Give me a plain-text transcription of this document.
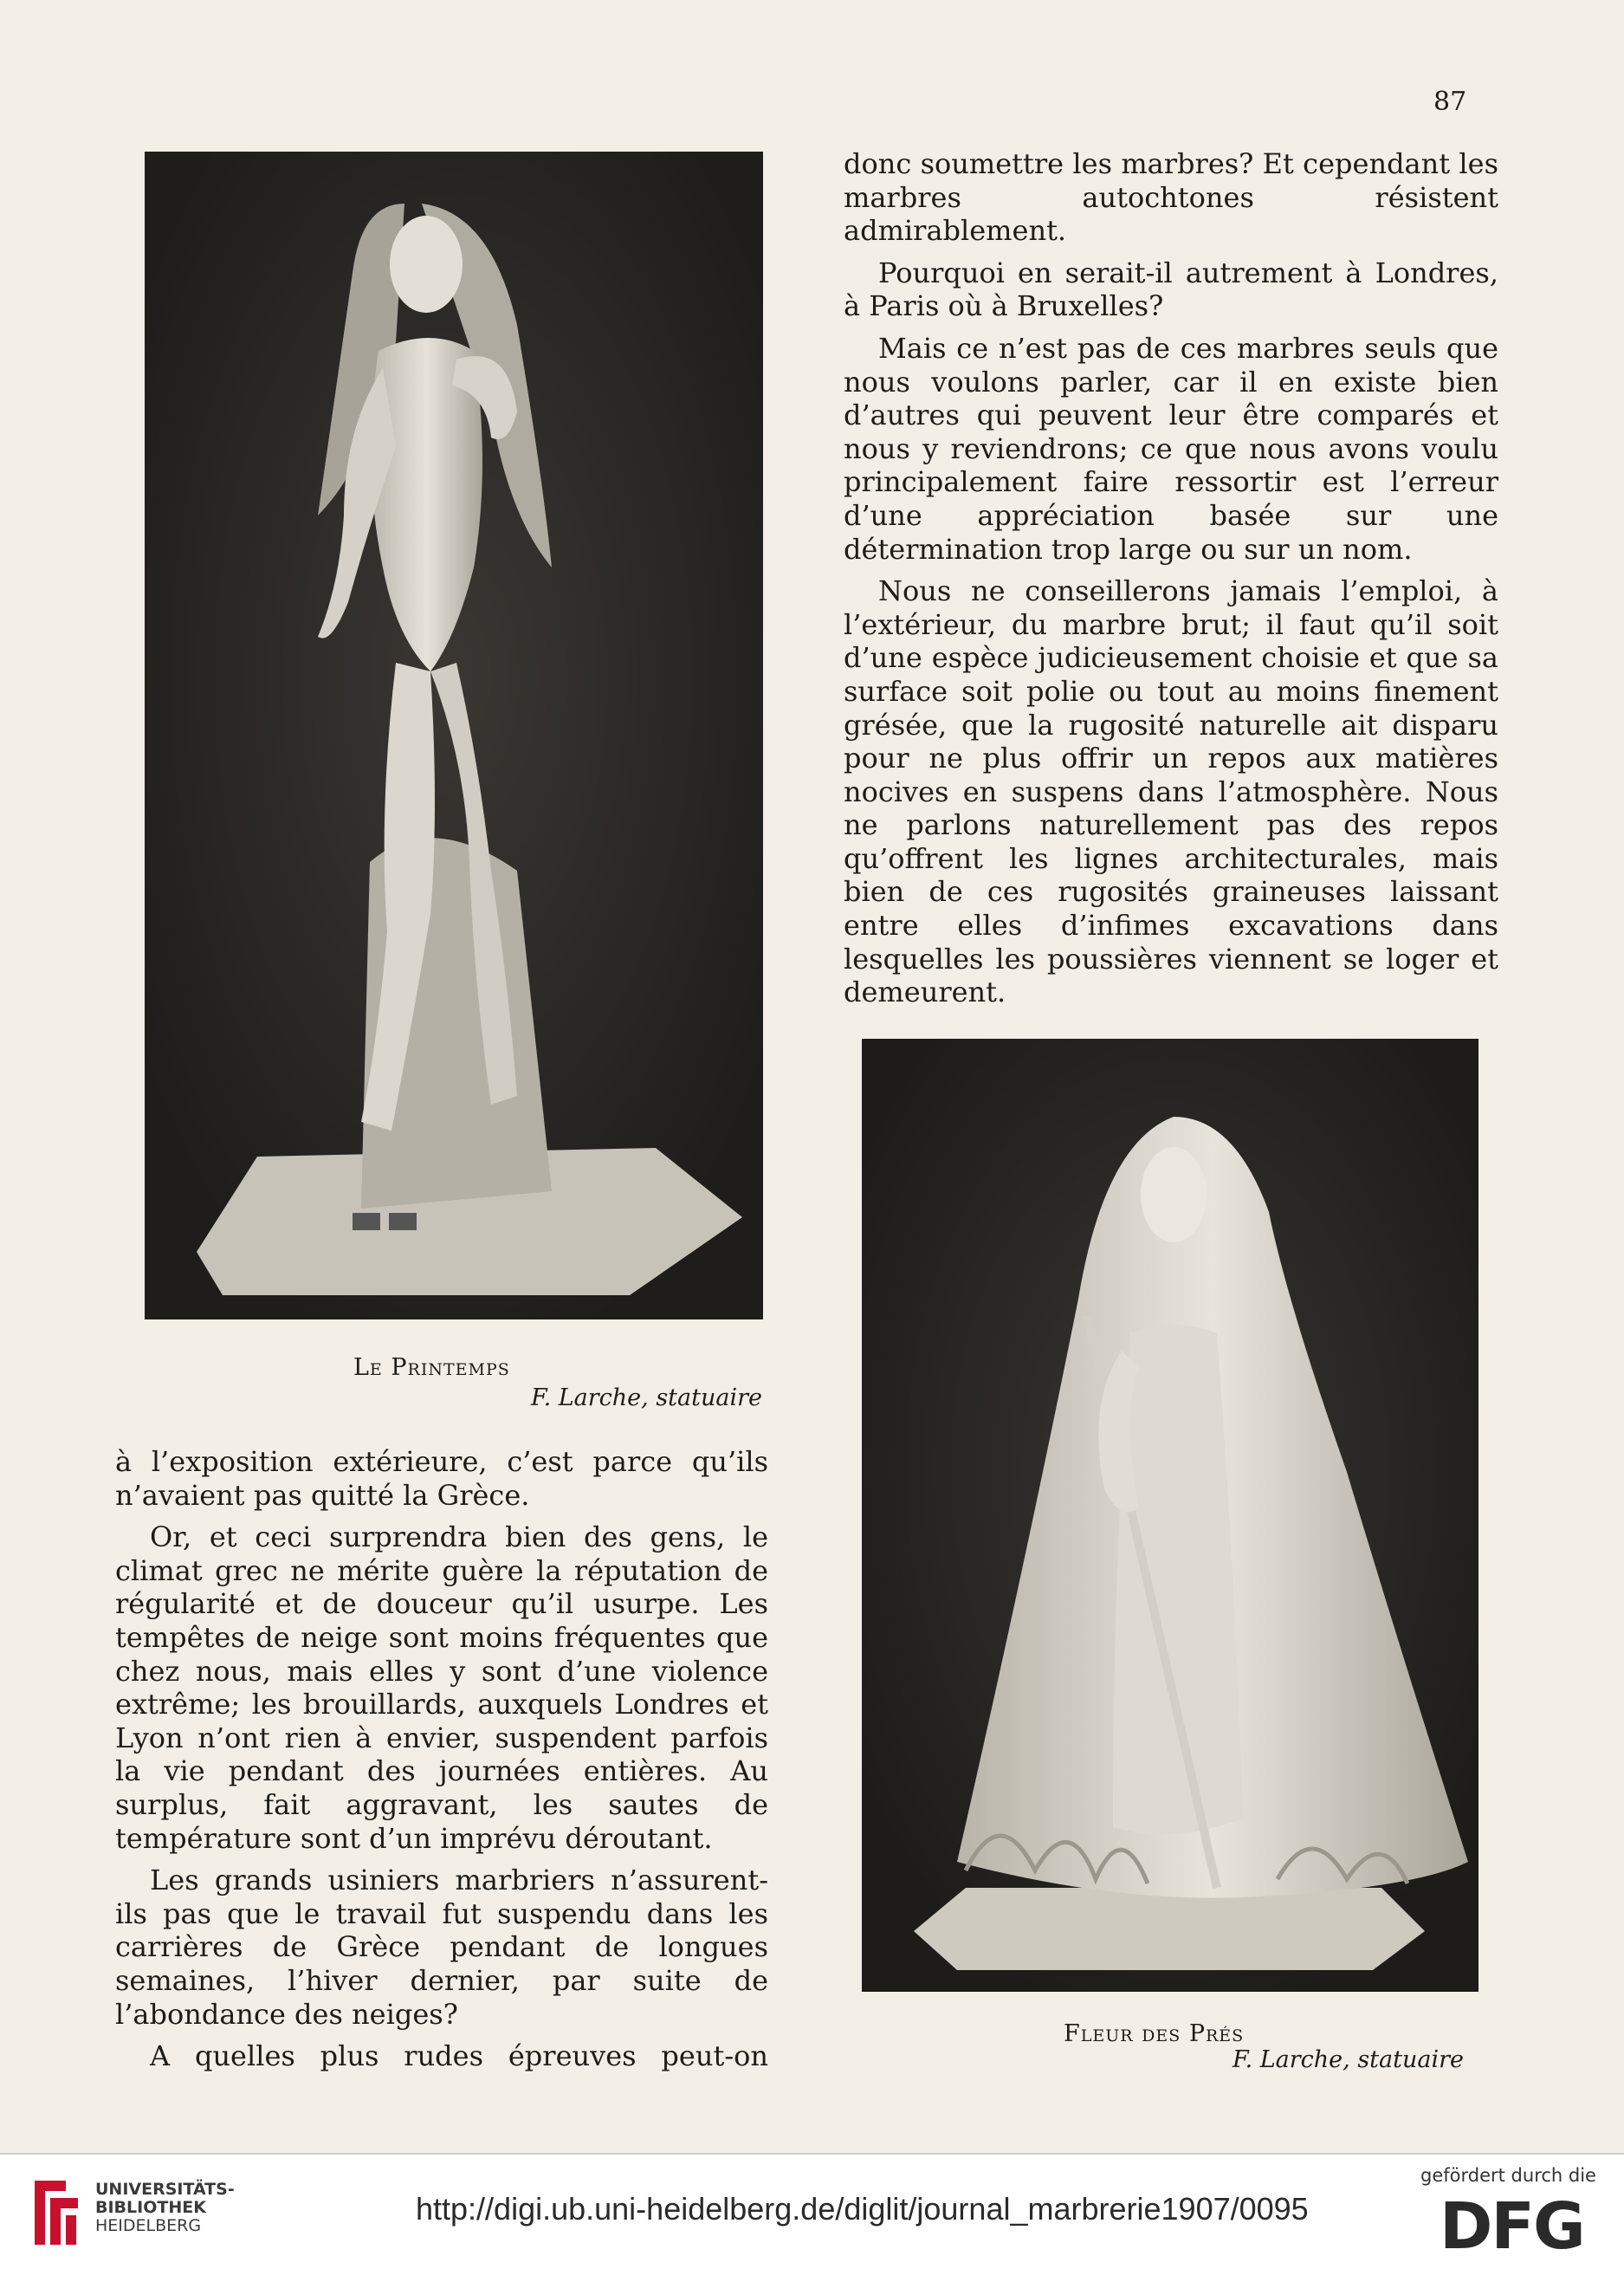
87
Le Printemps
F. Larche, statuaire

donc soumettre les marbres? Et cependant les marbres autochtones résistent admirablement.

Pourquoi en serait-il autrement à Londres, à Paris où à Bruxelles?

Mais ce n’est pas de ces marbres seuls que nous voulons parler, car il en existe bien d’autres qui peuvent leur être comparés et nous y reviendrons; ce que nous avons voulu principalement faire ressortir est l’erreur d’une appréciation basée sur une détermination trop large ou sur un nom.

Nous ne conseillerons jamais l’emploi, à l’extérieur, du marbre brut; il faut qu’il soit d’une espèce judicieusement choisie et que sa surface soit polie ou tout au moins finement grésée, que la rugosité naturelle ait disparu pour ne plus offrir un repos aux matières nocives en suspens dans l’atmosphère. Nous ne parlons naturellement pas des repos qu’offrent les lignes architecturales, mais bien de ces rugosités graineuses laissant entre elles d’infimes excavations dans lesquelles les poussières viennent se loger et demeurent.

Fleur des Prés
F. Larche, statuaire

à l’exposition extérieure, c’est parce qu’ils n’avaient pas quitté la Grèce.

Or, et ceci surprendra bien des gens, le climat grec ne mérite guère la réputation de régularité et de douceur qu’il usurpe. Les tempêtes de neige sont moins fréquentes que chez nous, mais elles y sont d’une violence extrême; les brouillards, auxquels Londres et Lyon n’ont rien à envier, suspendent parfois la vie pendant des journées entières. Au surplus, fait aggravant, les sautes de température sont d’un imprévu déroutant.

Les grands usiniers marbriers n’assurent-ils pas que le travail fut suspendu dans les carrières de Grèce pendant de longues semaines, l’hiver dernier, par suite de l’abondance des neiges?

A quelles plus rudes épreuves peut-on

UNIVERSITÄTS-
BIBLIOTHEK
HEIDELBERG	http://digi.ub.uni-heidelberg.de/diglit/journal_marbrerie1907/0095
gefördert durch die
DFG
